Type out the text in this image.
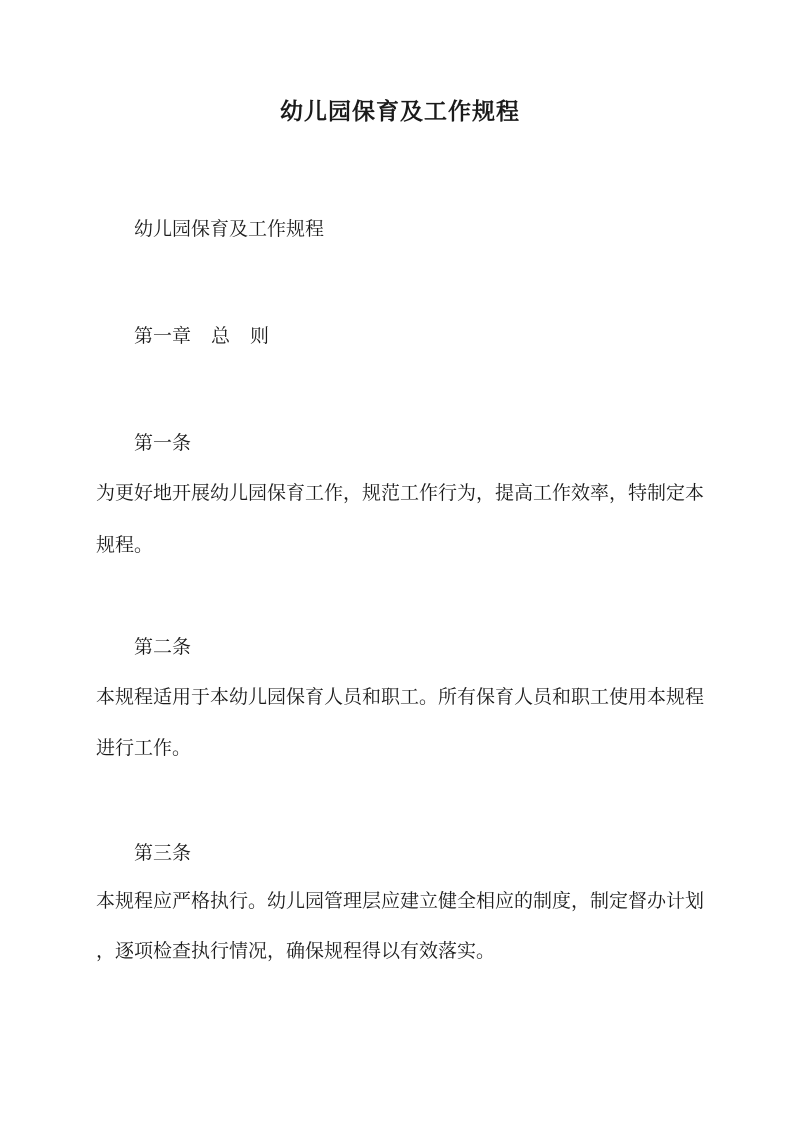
幼儿园保育及工作规程

幼儿园保育及工作规程

第一章 总 则

第一条

为更好地开展幼儿园保育工作，规范工作行为，提高工作效率，特制定本

规程。

第二条

本规程适用于本幼儿园保育人员和职工。所有保育人员和职工使用本规程

进行工作。

第三条

本规程应严格执行。幼儿园管理层应建立健全相应的制度，制定督办计划

，逐项检查执行情况，确保规程得以有效落实。
